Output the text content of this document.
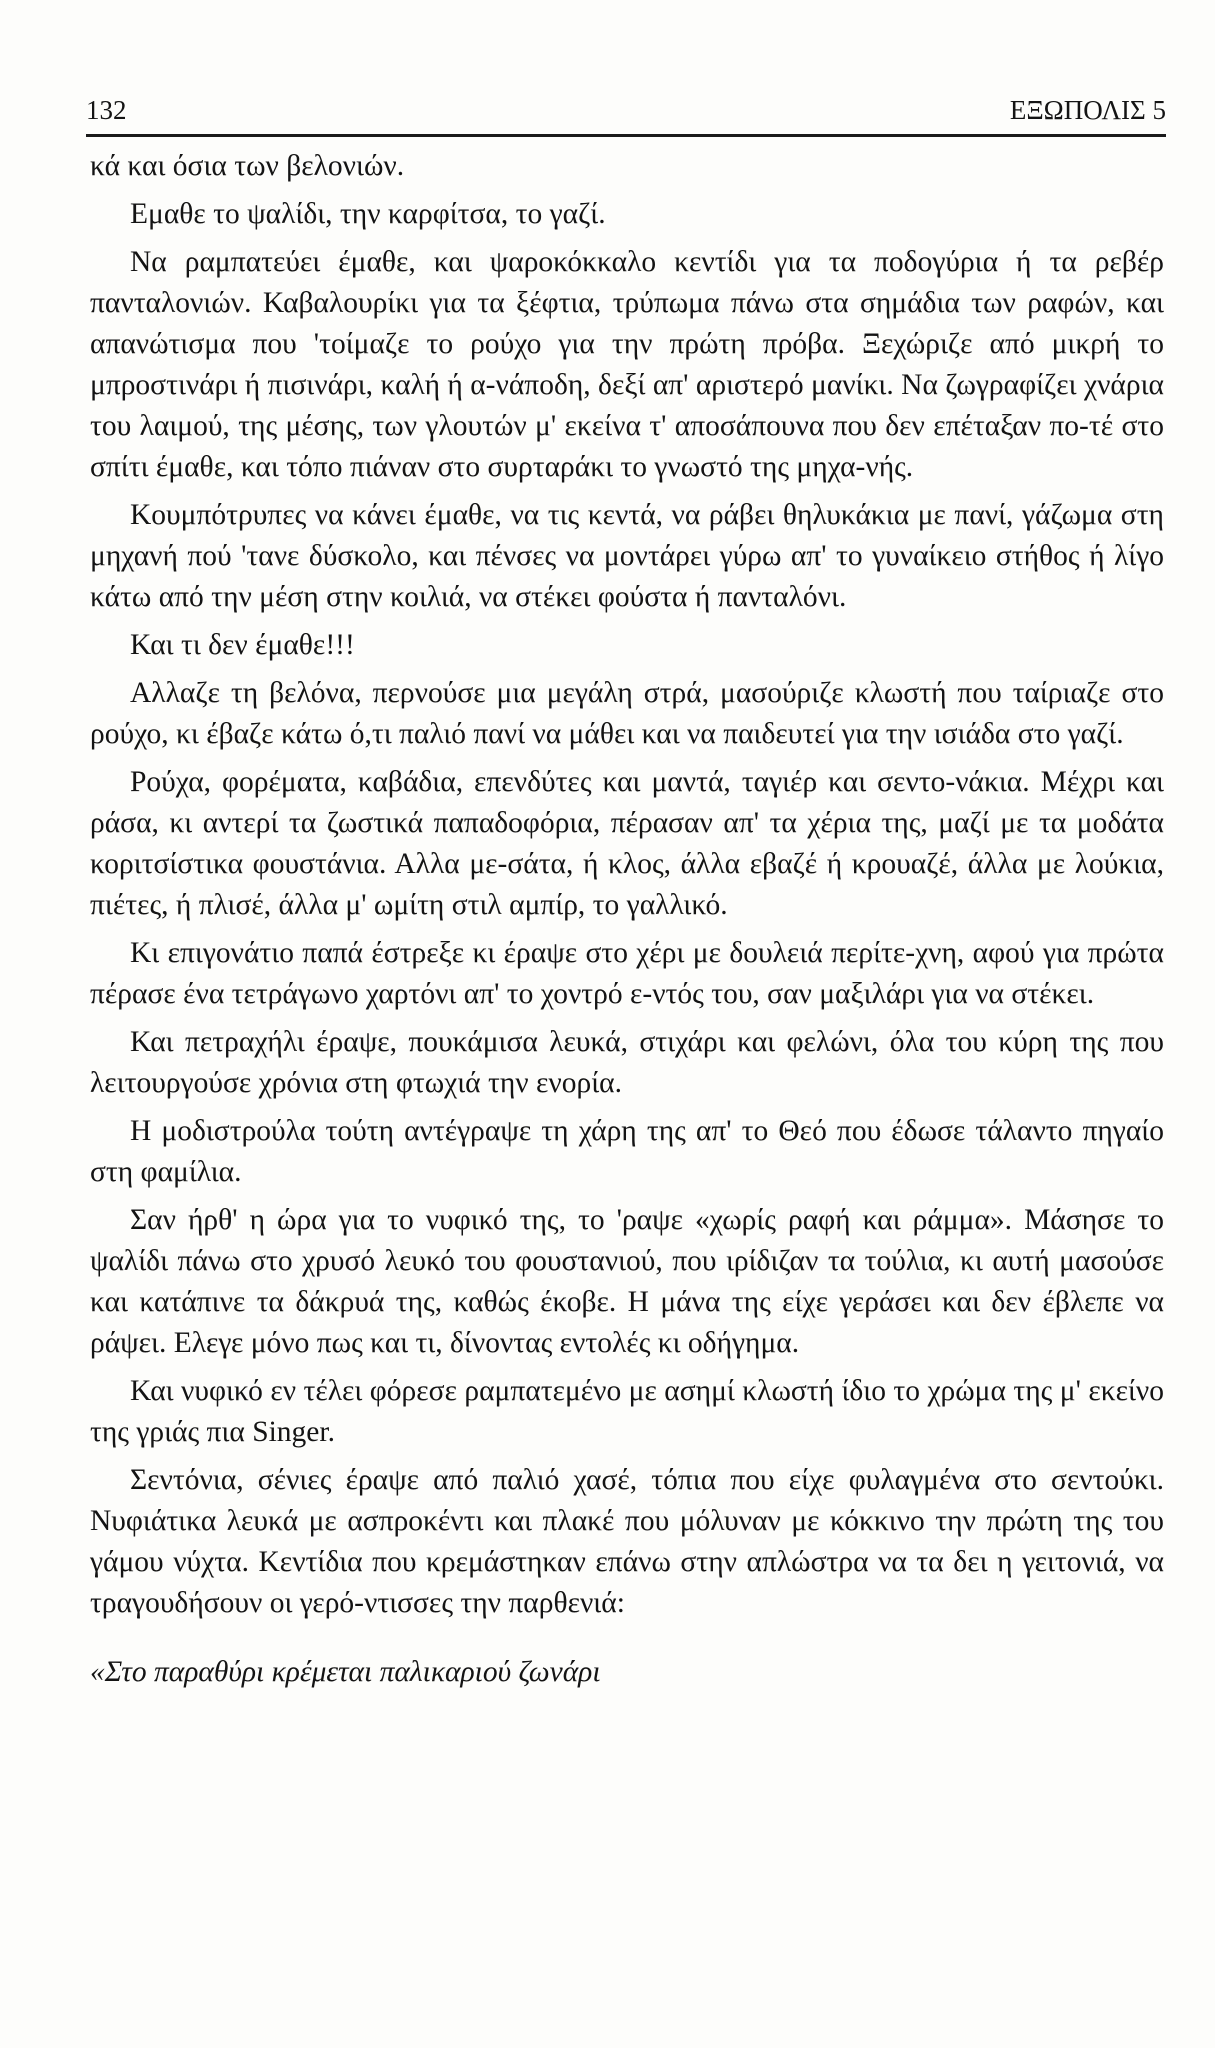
132	ΕΞΩΠΟΛΙΣ 5

κά και όσια των βελονιών.

Εμαθε το ψαλίδι, την καρφίτσα, το γαζί.

Να ραμπατεύει έμαθε, και ψαροκόκκαλο κεντίδι για τα ποδογύρια ή τα ρεβέρ πανταλονιών. Καβαλουρίκι για τα ξέφτια, τρύπωμα πάνω στα σημάδια των ραφών, και απανώτισμα που 'τοίμαζε το ρούχο για την πρώτη πρόβα. Ξεχώριζε από μικρή το μπροστινάρι ή πισινάρι, καλή ή α-νάποδη, δεξί απ' αριστερό μανίκι. Να ζωγραφίζει χνάρια του λαιμού, της μέσης, των γλουτών μ' εκείνα τ' αποσάπουνα που δεν επέταξαν πο-τέ στο σπίτι έμαθε, και τόπο πιάναν στο συρταράκι το γνωστό της μηχα-νής.

Κουμπότρυπες να κάνει έμαθε, να τις κεντά, να ράβει θηλυκάκια με πανί, γάζωμα στη μηχανή πού 'τανε δύσκολο, και πένσες να μοντάρει γύρω απ' το γυναίκειο στήθος ή λίγο κάτω από την μέση στην κοιλιά, να στέκει φούστα ή πανταλόνι.

Και τι δεν έμαθε!!!

Αλλαζε τη βελόνα, περνούσε μια μεγάλη στρά, μασούριζε κλωστή που ταίριαζε στο ρούχο, κι έβαζε κάτω ό,τι παλιό πανί να μάθει και να παιδευτεί για την ισιάδα στο γαζί.

Ρούχα, φορέματα, καβάδια, επενδύτες και μαντά, ταγιέρ και σεντο-νάκια. Μέχρι και ράσα, κι αντερί τα ζωστικά παπαδοφόρια, πέρασαν απ' τα χέρια της, μαζί με τα μοδάτα κοριτσίστικα φουστάνια. Αλλα με-σάτα, ή κλος, άλλα εβαζέ ή κρουαζέ, άλλα με λούκια, πιέτες, ή πλισέ, άλλα μ' ωμίτη στιλ αμπίρ, το γαλλικό.

Κι επιγονάτιο παπά έστρεξε κι έραψε στο χέρι με δουλειά περίτε-χνη, αφού για πρώτα πέρασε ένα τετράγωνο χαρτόνι απ' το χοντρό ε-ντός του, σαν μαξιλάρι για να στέκει.

Και πετραχήλι έραψε, πουκάμισα λευκά, στιχάρι και φελώνι, όλα του κύρη της που λειτουργούσε χρόνια στη φτωχιά την ενορία.

Η μοδιστρούλα τούτη αντέγραψε τη χάρη της απ' το Θεό που έδωσε τάλαντο πηγαίο στη φαμίλια.

Σαν ήρθ' η ώρα για το νυφικό της, το 'ραψε «χωρίς ραφή και ράμμα». Μάσησε το ψαλίδι πάνω στο χρυσό λευκό του φουστανιού, που ιρίδιζαν τα τούλια, κι αυτή μασούσε και κατάπινε τα δάκρυά της, καθώς έκοβε. Η μάνα της είχε γεράσει και δεν έβλεπε να ράψει. Ελεγε μόνο πως και τι, δίνοντας εντολές κι οδήγημα.

Και νυφικό εν τέλει φόρεσε ραμπατεμένο με ασημί κλωστή ίδιο το χρώμα της μ' εκείνο της γριάς πια Singer.

Σεντόνια, σένιες έραψε από παλιό χασέ, τόπια που είχε φυλαγμένα στο σεντούκι. Νυφιάτικα λευκά με ασπροκέντι και πλακέ που μόλυναν με κόκκινο την πρώτη της του γάμου νύχτα. Κεντίδια που κρεμάστηκαν επάνω στην απλώστρα να τα δει η γειτονιά, να τραγουδήσουν οι γερό-ντισσες την παρθενιά:

«Στο παραθύρι κρέμεται παλικαριού ζωνάρι
